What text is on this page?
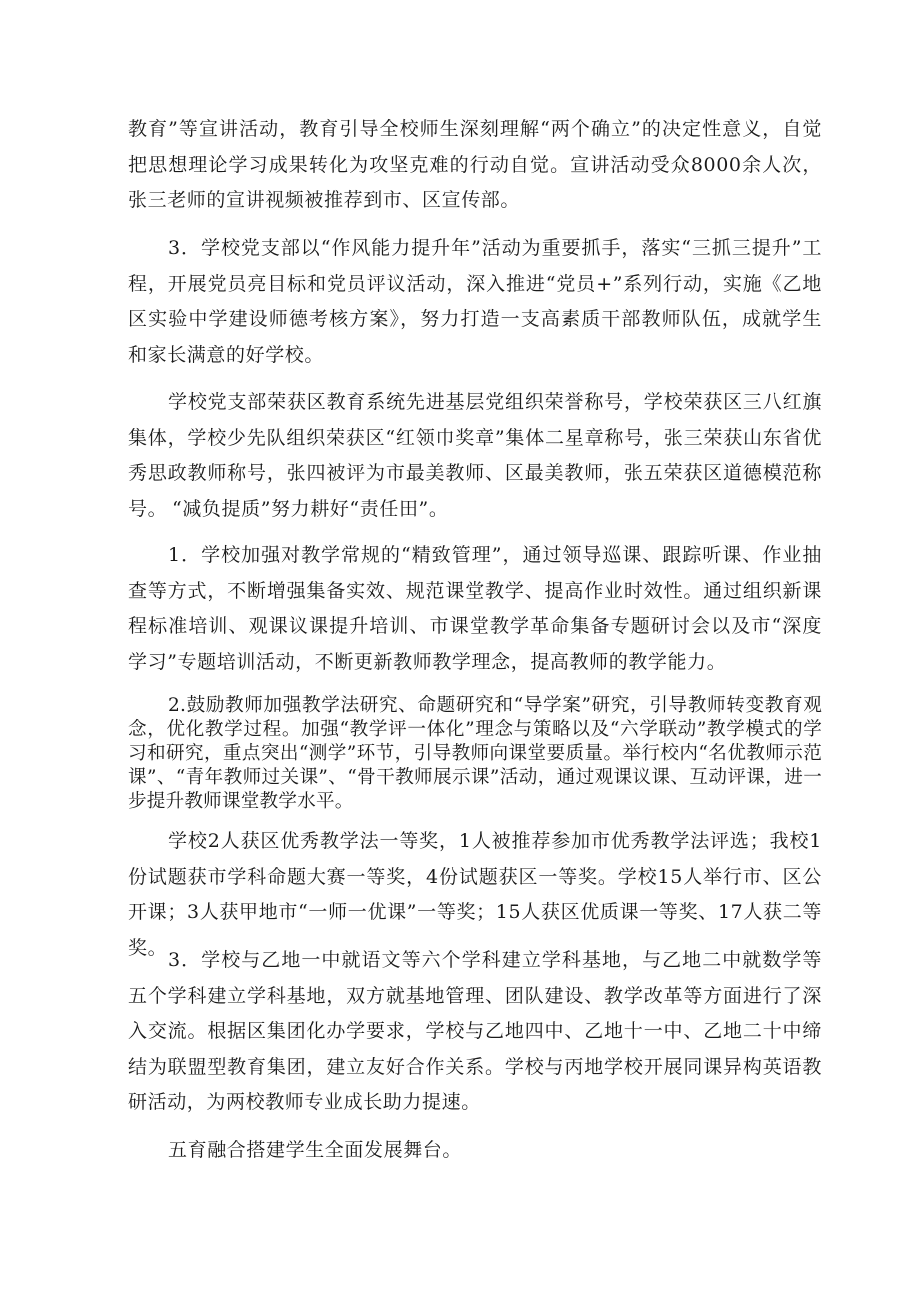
教育”等宣讲活动，教育引导全校师生深刻理解“两个确立”的决定性意义，自觉把思想理论学习成果转化为攻坚克难的行动自觉。宣讲活动受众8000余人次，张三老师的宣讲视频被推荐到市、区宣传部。

3．学校党支部以“作风能力提升年”活动为重要抓手，落实“三抓三提升”工程，开展党员亮目标和党员评议活动，深入推进“党员+”系列行动，实施《乙地区实验中学建设师德考核方案》，努力打造一支高素质干部教师队伍，成就学生和家长满意的好学校。

学校党支部荣获区教育系统先进基层党组织荣誉称号，学校荣获区三八红旗集体，学校少先队组织荣获区“红领巾奖章”集体二星章称号，张三荣获山东省优秀思政教师称号，张四被评为市最美教师、区最美教师，张五荣获区道德模范称号。 “减负提质”努力耕好“责任田”。

1．学校加强对教学常规的“精致管理”，通过领导巡课、跟踪听课、作业抽查等方式，不断增强集备实效、规范课堂教学、提高作业时效性。通过组织新课程标准培训、观课议课提升培训、市课堂教学革命集备专题研讨会以及市“深度学习”专题培训活动，不断更新教师教学理念，提高教师的教学能力。

2.鼓励教师加强教学法研究、命题研究和“导学案”研究，引导教师转变教育观念，优化教学过程。加强“教学评一体化”理念与策略以及“六学联动”教学模式的学习和研究，重点突出“测学”环节，引导教师向课堂要质量。举行校内“名优教师示范课”、“青年教师过关课”、“骨干教师展示课”活动，通过观课议课、互动评课，进一步提升教师课堂教学水平。

学校2人获区优秀教学法一等奖，1人被推荐参加市优秀教学法评选；我校1份试题获市学科命题大赛一等奖，4份试题获区一等奖。学校15人举行市、区公开课；3人获甲地市“一师一优课”一等奖；15人获区优质课一等奖、17人获二等奖。

3．学校与乙地一中就语文等六个学科建立学科基地，与乙地二中就数学等五个学科建立学科基地，双方就基地管理、团队建设、教学改革等方面进行了深入交流。根据区集团化办学要求，学校与乙地四中、乙地十一中、乙地二十中缔结为联盟型教育集团，建立友好合作关系。学校与丙地学校开展同课异构英语教研活动，为两校教师专业成长助力提速。

五育融合搭建学生全面发展舞台。
